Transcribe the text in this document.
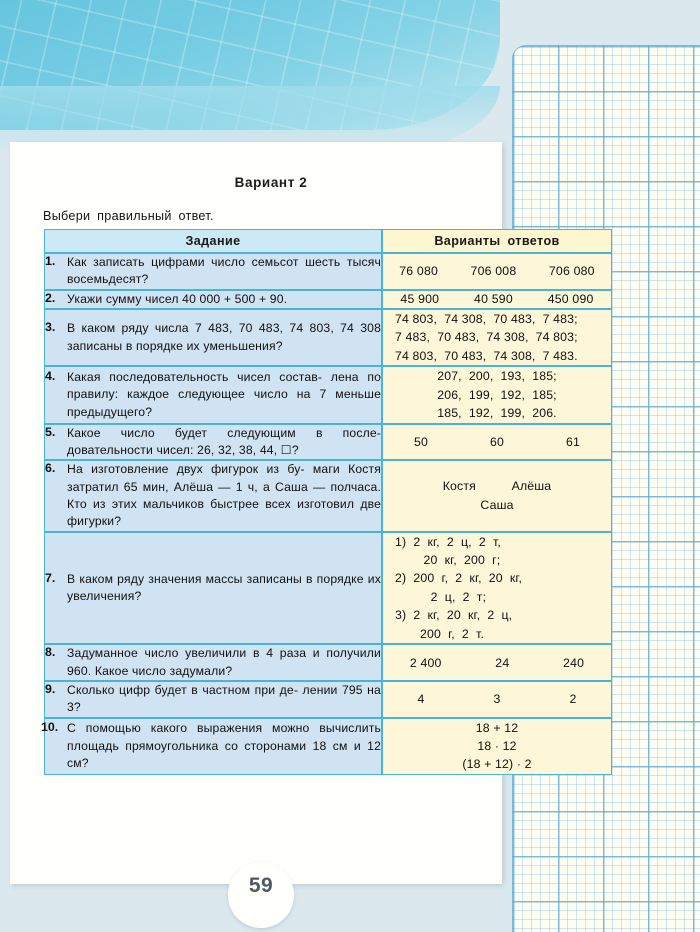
59
Вариант 2
Выбери правильный ответ.
Задание	Варианты ответов

1. Как записать цифрами число семьсот шесть тысяч восемьдесят?

76 080	706 008	706 080

2. Укажи сумму чисел 40 000 + 500 + 90.	45 900	40 590	450 090

3. В каком ряду числа 7 483, 70 483, 74 803, 74 308 записаны в порядке их уменьшения?

74 803,  74 308,  70 483,  7 483;
7 483,  70 483,  74 308,  74 803;
74 803,  70 483,  74 308,  7 483.

4. Какая последовательность чисел состав- лена по правилу: каждое следующее число на 7 меньше предыдущего?

207,  200,  193,  185;
206,  199,  192,  185;
185,  192,  199,  206.

5. Какое число будет следующим в после- довательности чисел: 26, 32, 38, 44, ☐?

50	60	61

6. На изготовление двух фигурок из бу- маги Костя затратил 65 мин, Алёша — 1 ч, а Саша — полчаса. Кто из этих мальчиков быстрее всех изготовил две фигурки?

Костя          Алёша
Саша

7. В каком ряду значения массы записаны в порядке их увеличения?

1)  2  кг,  2  ц,  2  т,
20  кг,  200  г;
2)  200  г,  2  кг,  20  кг,
2  ц,  2  т;
3)  2  кг,  20  кг,  2  ц,
200  г,  2  т.

8. Задуманное число увеличили в 4 раза и получили 960. Какое число задумали?

2 400	24	240

9. Сколько цифр будет в частном при де- лении 795 на 3?

4	3	2

10. С помощью какого выражения можно вычислить площадь прямоугольника со сторонами 18 см и 12 см?

18 + 12
18 · 12
(18 + 12) · 2
